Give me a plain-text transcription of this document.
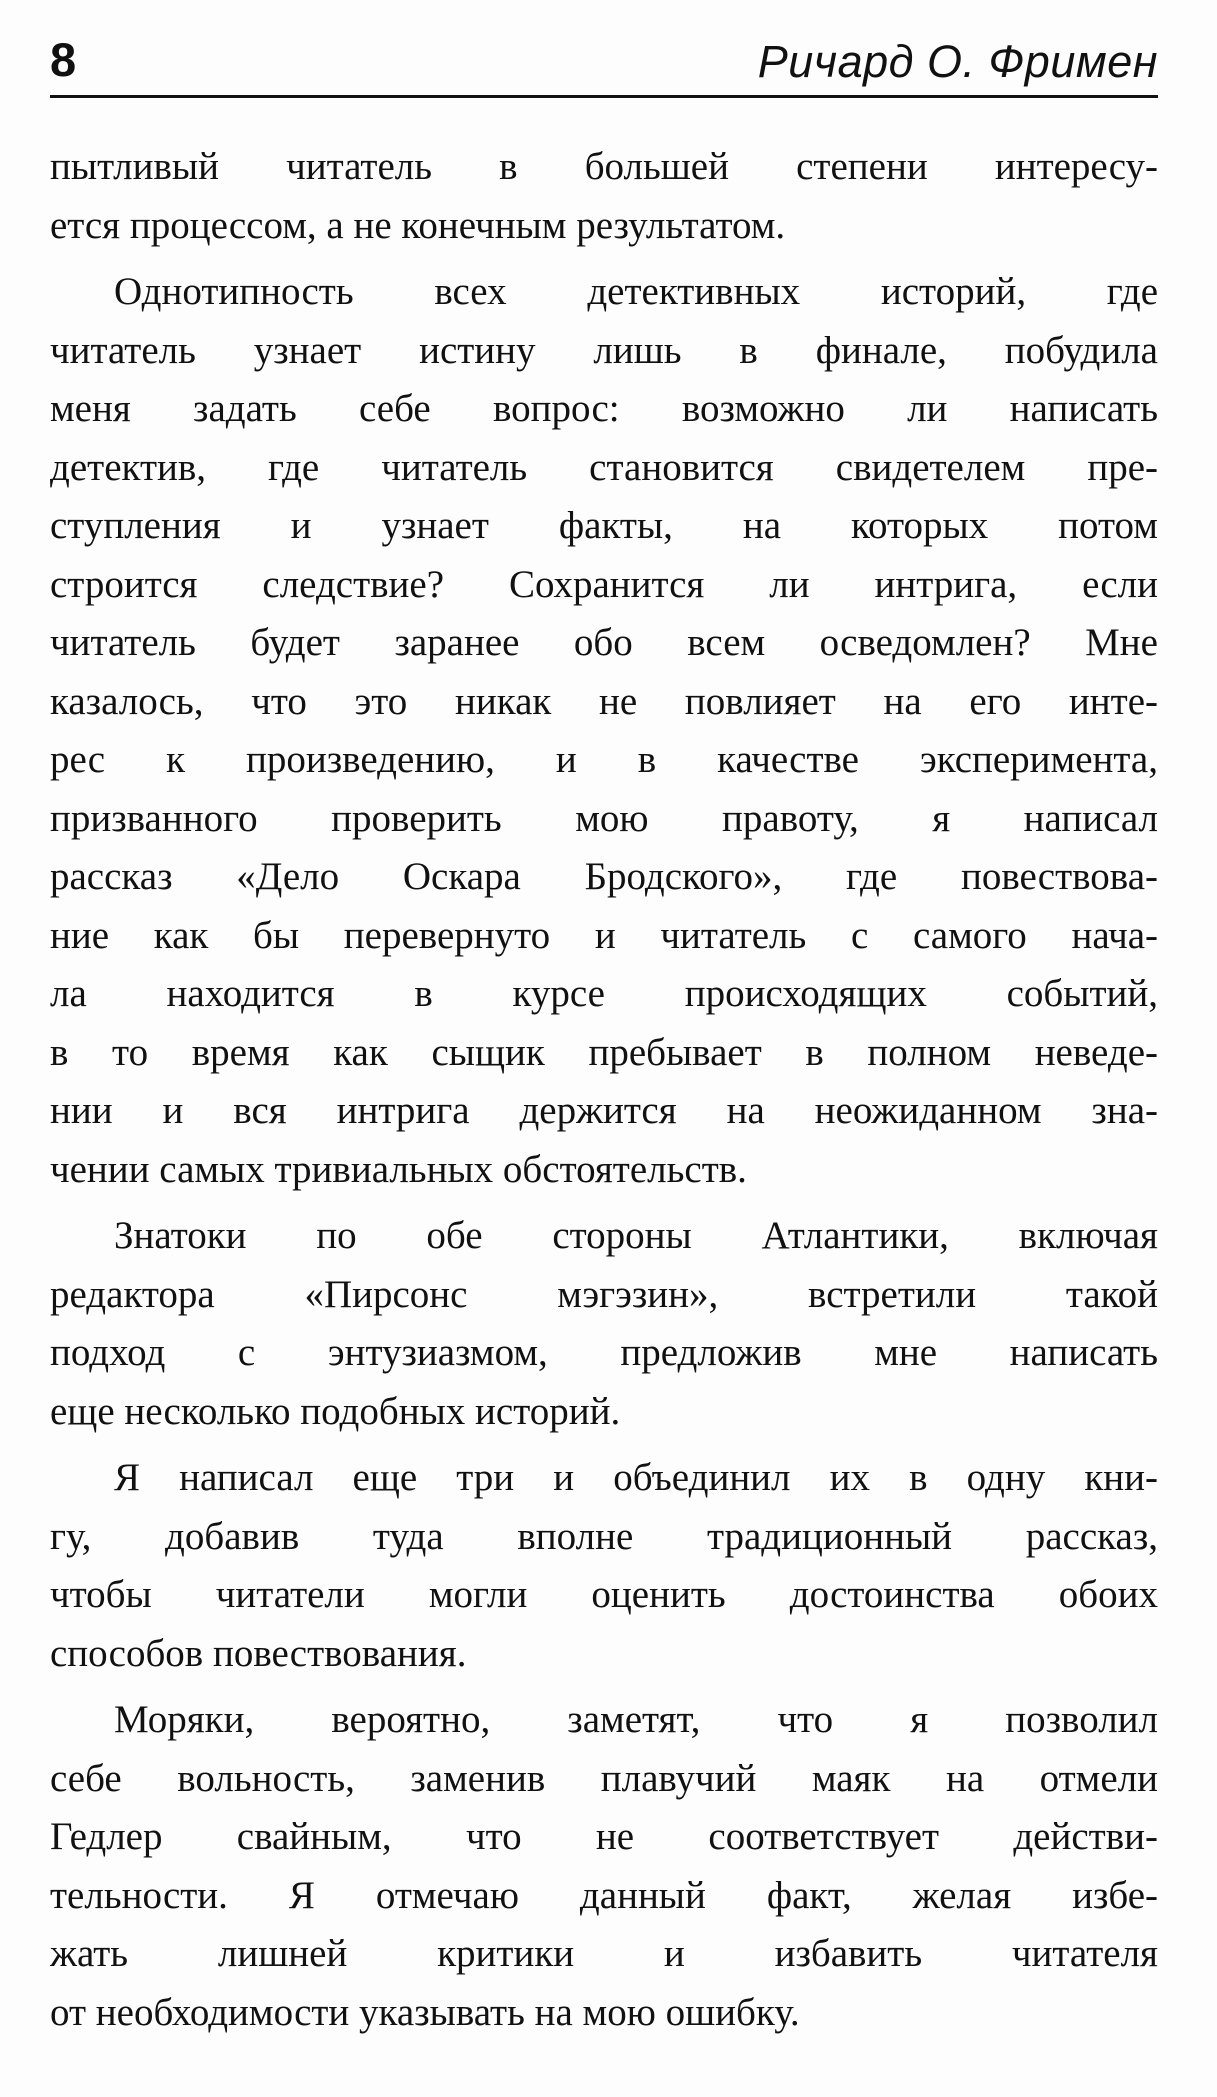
8	Ричард О. Фримен
пытливый читатель в большей степени интересу-
ется процессом, а не конечным результатом.
Однотипность всех детективных историй, где
читатель узнает истину лишь в финале, побудила
меня задать себе вопрос: возможно ли написать
детектив, где читатель становится свидетелем пре-
ступления и узнает факты, на которых потом
строится следствие? Сохранится ли интрига, если
читатель будет заранее обо всем осведомлен? Мне
казалось, что это никак не повлияет на его инте-
рес к произведению, и в качестве эксперимента,
призванного проверить мою правоту, я написал
рассказ «Дело Оскара Бродского», где повествова-
ние как бы перевернуто и читатель с самого нача-
ла находится в курсе происходящих событий,
в то время как сыщик пребывает в полном неведе-
нии и вся интрига держится на неожиданном зна-
чении самых тривиальных обстоятельств.
Знатоки по обе стороны Атлантики, включая
редактора «Пирсонс мэгэзин», встретили такой
подход с энтузиазмом, предложив мне написать
еще несколько подобных историй.
Я написал еще три и объединил их в одну кни-
гу, добавив туда вполне традиционный рассказ,
чтобы читатели могли оценить достоинства обоих
способов повествования.
Моряки, вероятно, заметят, что я позволил
себе вольность, заменив плавучий маяк на отмели
Гедлер свайным, что не соответствует действи-
тельности. Я отмечаю данный факт, желая избе-
жать лишней критики и избавить читателя
от необходимости указывать на мою ошибку.
